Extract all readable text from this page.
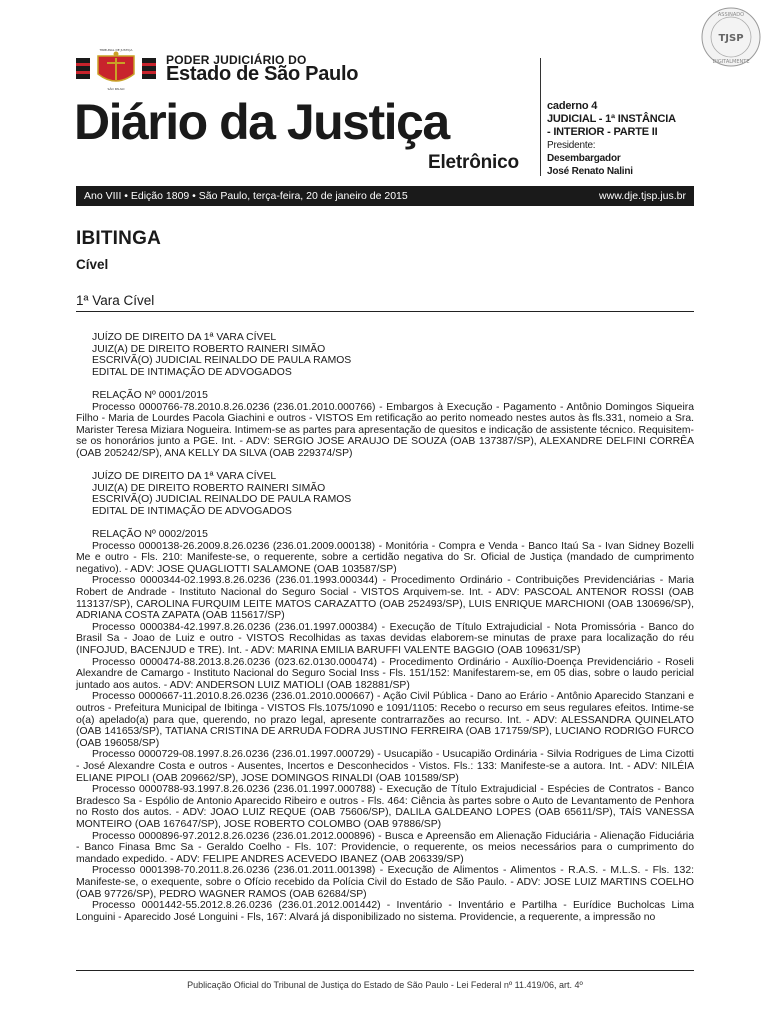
TRIBUNAL DE JUSTIÇA
SÃO PAULO
PODER JUDICIÁRIO DO
Estado de São Paulo
Diário da Justiça
Eletrônico
caderno 4
JUDICIAL - 1ª INSTÂNCIA
- INTERIOR - PARTE II
Presidente:
Desembargador
José Renato Nalini
TJSP
ASSINADO
DIGITALMENTE
Ano VIII • Edição 1809 • São Paulo, terça-feira, 20 de janeiro de 2015	www.dje.tjsp.jus.br
IBITINGA
Cível
1ª Vara Cível

JUÍZO DE DIREITO DA 1ª VARA CÍVEL

JUIZ(A) DE DIREITO ROBERTO RAINERI SIMÃO

ESCRIVÃ(O) JUDICIAL REINALDO DE PAULA RAMOS

EDITAL DE INTIMAÇÃO DE ADVOGADOS

RELAÇÃO Nº 0001/2015

Processo 0000766-78.2010.8.26.0236 (236.01.2010.000766) - Embargos à Execução - Pagamento - Antônio Domingos Siqueira Filho - Maria de Lourdes Pacola Giachini e outros - VISTOS Em retificação ao perito nomeado nestes autos às fls.331, nomeio a Sra. Marister Teresa Miziara Nogueira. Intimem-se as partes para apresentação de quesitos e indicação de assistente técnico. Requisitem-se os honorários junto a PGE. Int. - ADV: SERGIO JOSE ARAUJO DE SOUZA (OAB 137387/SP), ALEXANDRE DELFINI CORRÊA (OAB 205242/SP), ANA KELLY DA SILVA (OAB 229374/SP)

JUÍZO DE DIREITO DA 1ª VARA CÍVEL

JUIZ(A) DE DIREITO ROBERTO RAINERI SIMÃO

ESCRIVÃ(O) JUDICIAL REINALDO DE PAULA RAMOS

EDITAL DE INTIMAÇÃO DE ADVOGADOS

RELAÇÃO Nº 0002/2015

Processo 0000138-26.2009.8.26.0236 (236.01.2009.000138) - Monitória - Compra e Venda - Banco Itaú Sa - Ivan Sidney Bozelli Me e outro - Fls. 210: Manifeste-se, o requerente, sobre a certidão negativa do Sr. Oficial de Justiça (mandado de cumprimento negativo). - ADV: JOSE QUAGLIOTTI SALAMONE (OAB 103587/SP)

Processo 0000344-02.1993.8.26.0236 (236.01.1993.000344) - Procedimento Ordinário - Contribuições Previdenciárias - Maria Robert de Andrade - Instituto Nacional do Seguro Social - VISTOS Arquivem-se. Int. - ADV: PASCOAL ANTENOR ROSSI (OAB 113137/SP), CAROLINA FURQUIM LEITE MATOS CARAZATTO (OAB 252493/SP), LUIS ENRIQUE MARCHIONI (OAB 130696/SP), ADRIANA COSTA ZAPATA (OAB 115617/SP)

Processo 0000384-42.1997.8.26.0236 (236.01.1997.000384) - Execução de Título Extrajudicial - Nota Promissória - Banco do Brasil Sa - Joao de Luiz e outro - VISTOS Recolhidas as taxas devidas elaborem-se minutas de praxe para localização do réu (INFOJUD, BACENJUD e TRE). Int. - ADV: MARINA EMILIA BARUFFI VALENTE BAGGIO (OAB 109631/SP)

Processo 0000474-88.2013.8.26.0236 (023.62.0130.000474) - Procedimento Ordinário - Auxílio-Doença Previdenciário - Roseli Alexandre de Camargo - Instituto Nacional do Seguro Social Inss - Fls. 151/152: Manifestarem-se, em 05 dias, sobre o laudo pericial juntado aos autos. - ADV: ANDERSON LUIZ MATIOLI (OAB 182881/SP)

Processo 0000667-11.2010.8.26.0236 (236.01.2010.000667) - Ação Civil Pública - Dano ao Erário - Antônio Aparecido Stanzani e outros - Prefeitura Municipal de Ibitinga - VISTOS Fls.1075/1090 e 1091/1105: Recebo o recurso em seus regulares efeitos. Intime-se o(a) apelado(a) para que, querendo, no prazo legal, apresente contrarrazões ao recurso. Int. - ADV: ALESSANDRA QUINELATO (OAB 141653/SP), TATIANA CRISTINA DE ARRUDA FODRA JUSTINO FERREIRA (OAB 171759/SP), LUCIANO RODRIGO FURCO (OAB 196058/SP)

Processo 0000729-08.1997.8.26.0236 (236.01.1997.000729) - Usucapião - Usucapião Ordinária - Silvia Rodrigues de Lima Cizotti - José Alexandre Costa e outros - Ausentes, Incertos e Desconhecidos - Vistos. Fls.: 133: Manifeste-se a autora. Int. - ADV: NILÉIA ELIANE PIPOLI (OAB 209662/SP), JOSE DOMINGOS RINALDI (OAB 101589/SP)

Processo 0000788-93.1997.8.26.0236 (236.01.1997.000788) - Execução de Título Extrajudicial - Espécies de Contratos - Banco Bradesco Sa - Espólio de Antonio Aparecido Ribeiro e outros - Fls. 464: Ciência às partes sobre o Auto de Levantamento de Penhora no Rosto dos autos. - ADV: JOAO LUIZ REQUE (OAB 75606/SP), DALILA GALDEANO LOPES (OAB 65611/SP), TAÍS VANESSA MONTEIRO (OAB 167647/SP), JOSE ROBERTO COLOMBO (OAB 97886/SP)

Processo 0000896-97.2012.8.26.0236 (236.01.2012.000896) - Busca e Apreensão em Alienação Fiduciária - Alienação Fiduciária - Banco Finasa Bmc Sa - Geraldo Coelho - Fls. 107: Providencie, o requerente, os meios necessários para o cumprimento do mandado expedido. - ADV: FELIPE ANDRES ACEVEDO IBANEZ (OAB 206339/SP)

Processo 0001398-70.2011.8.26.0236 (236.01.2011.001398) - Execução de Alimentos - Alimentos - R.A.S. - M.L.S. - Fls. 132: Manifeste-se, o exequente, sobre o Ofício recebido da Polícia Civil do Estado de São Paulo. - ADV: JOSE LUIZ MARTINS COELHO (OAB 97726/SP), PEDRO WAGNER RAMOS (OAB 62684/SP)

Processo 0001442-55.2012.8.26.0236 (236.01.2012.001442) - Inventário - Inventário e Partilha - Eurídice Bucholcas Lima Longuini - Aparecido José Longuini - Fls, 167: Alvará já disponibilizado no sistema. Providencie, a requerente, a impressão no

Publicação Oficial do Tribunal de Justiça do Estado de São Paulo - Lei Federal nº 11.419/06, art. 4º
